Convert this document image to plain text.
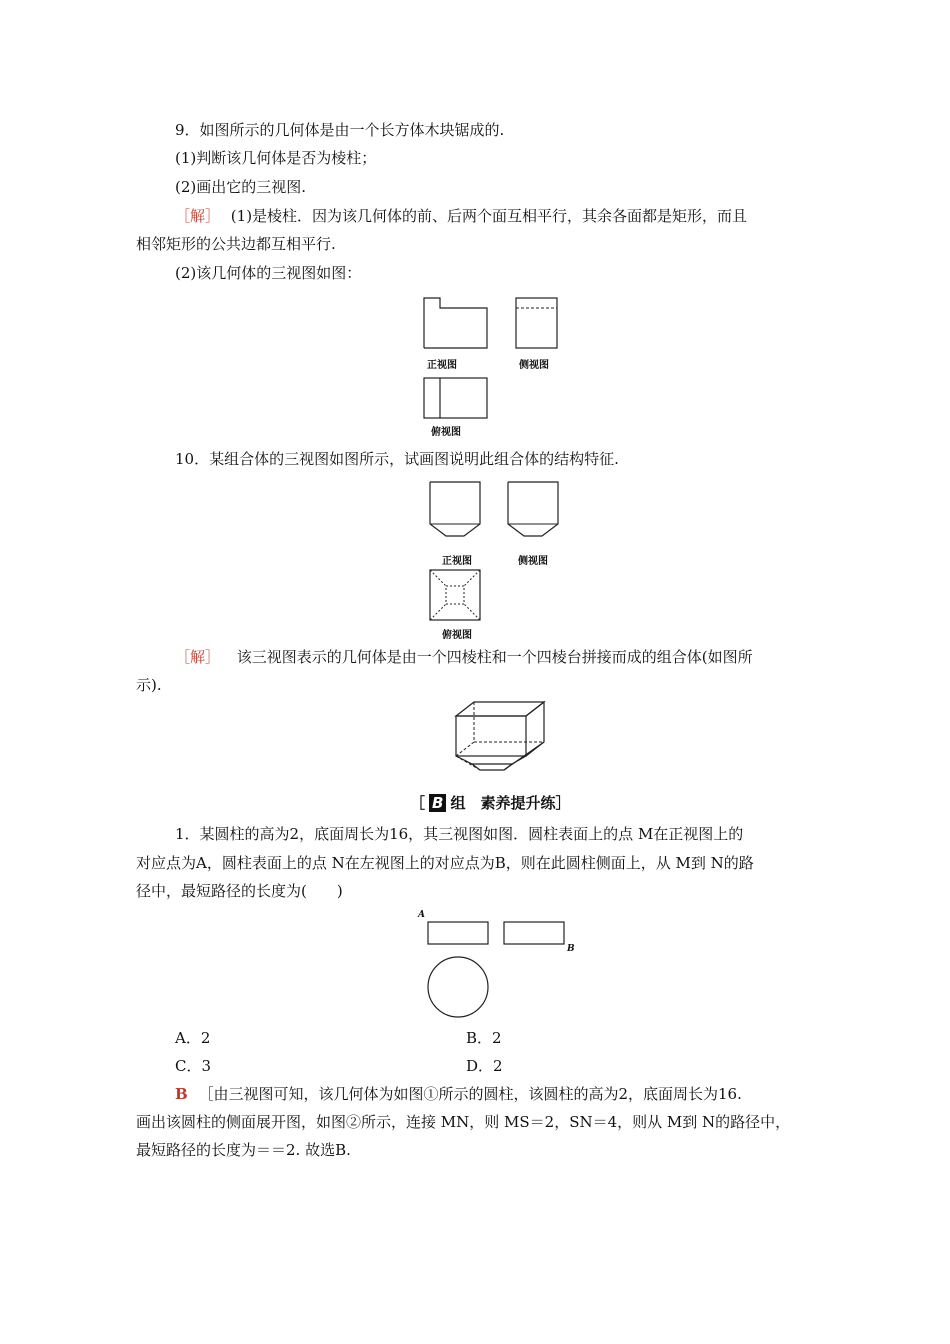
9．如图所示的几何体是由一个长方体木块锯成的.
(1)判断该几何体是否为棱柱；
(2)画出它的三视图.
［解］ (1)是棱柱．因为该几何体的前、后两个面互相平行，其余各面都是矩形，而且
相邻矩形的公共边都互相平行.
(2)该几何体的三视图如图：
正视图	侧视图
俯视图
10．某组合体的三视图如图所示，试画图说明此组合体的结构特征.
正视图	侧视图
俯视图
［解］ 该三视图表示的几何体是由一个四棱柱和一个四棱台拼接而成的组合体(如图所
示).
［ B 组　素养提升练］
1．某圆柱的高为2，底面周长为16，其三视图如图．圆柱表面上的点 M在正视图上的
对应点为A，圆柱表面上的点 N在左视图上的对应点为B，则在此圆柱侧面上，从 M到 N的路
径中，最短路径的长度为(　　)
A
B
A．2	B．2
C．3	D．2
B ［由三视图可知，该几何体为如图①所示的圆柱，该圆柱的高为2，底面周长为16.
画出该圆柱的侧面展开图，如图②所示，连接 MN，则 MS＝2，SN＝4，则从 M到 N的路径中，
最短路径的长度为＝＝2. 故选B.
